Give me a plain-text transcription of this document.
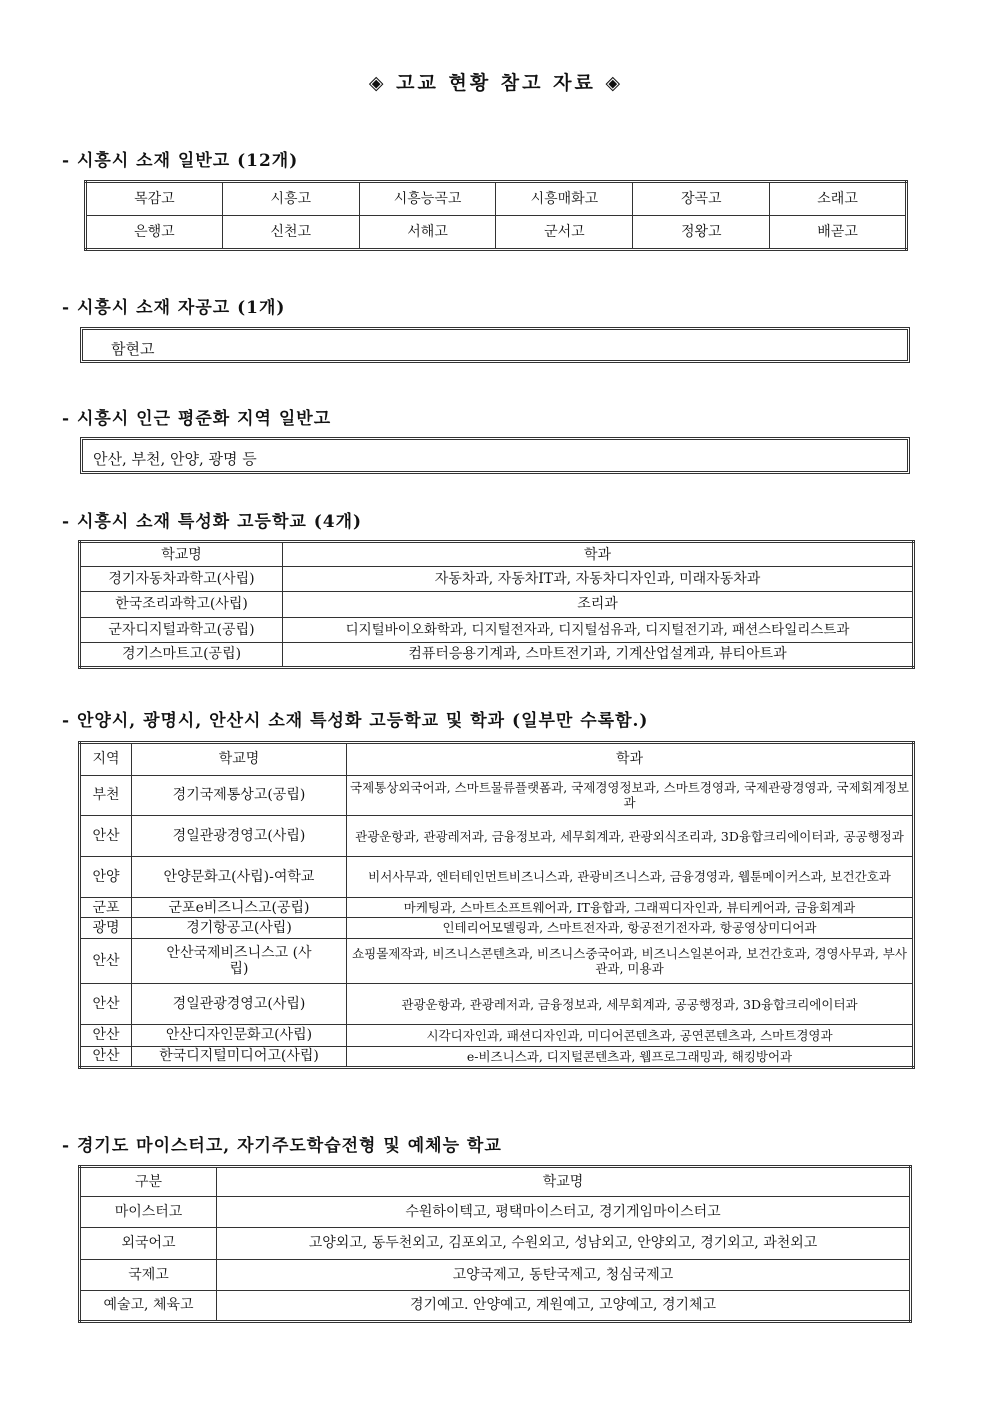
◈ 고교 현황 참고 자료 ◈
- 시흥시 소재 일반고 (12개)
목감고	시흥고	시흥능곡고	시흥매화고	장곡고	소래고
은행고	신천고	서해고	군서고	정왕고	배곧고
- 시흥시 소재 자공고 (1개)
함현고
- 시흥시 인근 평준화 지역 일반고
안산, 부천, 안양, 광명 등
- 시흥시 소재 특성화 고등학교 (4개)
학교명	학과
경기자동차과학고(사립)	자동차과, 자동차IT과, 자동차디자인과, 미래자동차과
한국조리과학고(사립)	조리과
군자디지털과학고(공립)	디지털바이오화학과, 디지털전자과, 디지털섬유과, 디지털전기과, 패션스타일리스트과
경기스마트고(공립)	컴퓨터응용기계과, 스마트전기과, 기계산업설계과, 뷰티아트과
- 안양시, 광명시, 안산시 소재 특성화 고등학교 및 학과 (일부만 수록함.)
지역	학교명	학과
부천	경기국제통상고(공립)	국제통상외국어과, 스마트물류플랫폼과, 국제경영정보과, 스마트경영과, 국제관광경영과, 국제회계정보과
안산	경일관광경영고(사립)	관광운항과, 관광레저과, 금융정보과, 세무회계과, 관광외식조리과, 3D융합크리에이터과, 공공행정과
안양	안양문화고(사립)-여학교	비서사무과, 엔터테인먼트비즈니스과, 관광비즈니스과, 금융경영과, 웹툰메이커스과, 보건간호과
군포	군포e비즈니스고(공립)	마케팅과, 스마트소프트웨어과, IT융합과, 그래픽디자인과, 뷰티케어과, 금융회계과
광명	경기항공고(사립)	인테리어모델링과, 스마트전자과, 항공전기전자과, 항공영상미디어과
안산	안산국제비즈니스고 (사립)	쇼핑몰제작과, 비즈니스콘텐츠과, 비즈니스중국어과, 비즈니스일본어과, 보건간호과, 경영사무과, 부사관과, 미용과
안산	경일관광경영고(사립)	관광운항과, 관광레저과, 금융정보과, 세무회계과, 공공행정과, 3D융합크리에이터과
안산	안산디자인문화고(사립)	시각디자인과, 패션디자인과, 미디어콘텐츠과, 공연콘텐츠과, 스마트경영과
안산	한국디지털미디어고(사립)	e-비즈니스과, 디지털콘텐츠과, 웹프로그래밍과, 해킹방어과
- 경기도 마이스터고, 자기주도학습전형 및 예체능 학교
구분	학교명
마이스터고	수원하이텍고, 평택마이스터고, 경기게임마이스터고
외국어고	고양외고, 동두천외고, 김포외고, 수원외고, 성남외고, 안양외고, 경기외고, 과천외고
국제고	고양국제고, 동탄국제고, 청심국제고
예술고, 체육고	경기예고. 안양예고, 계원예고, 고양예고, 경기체고
